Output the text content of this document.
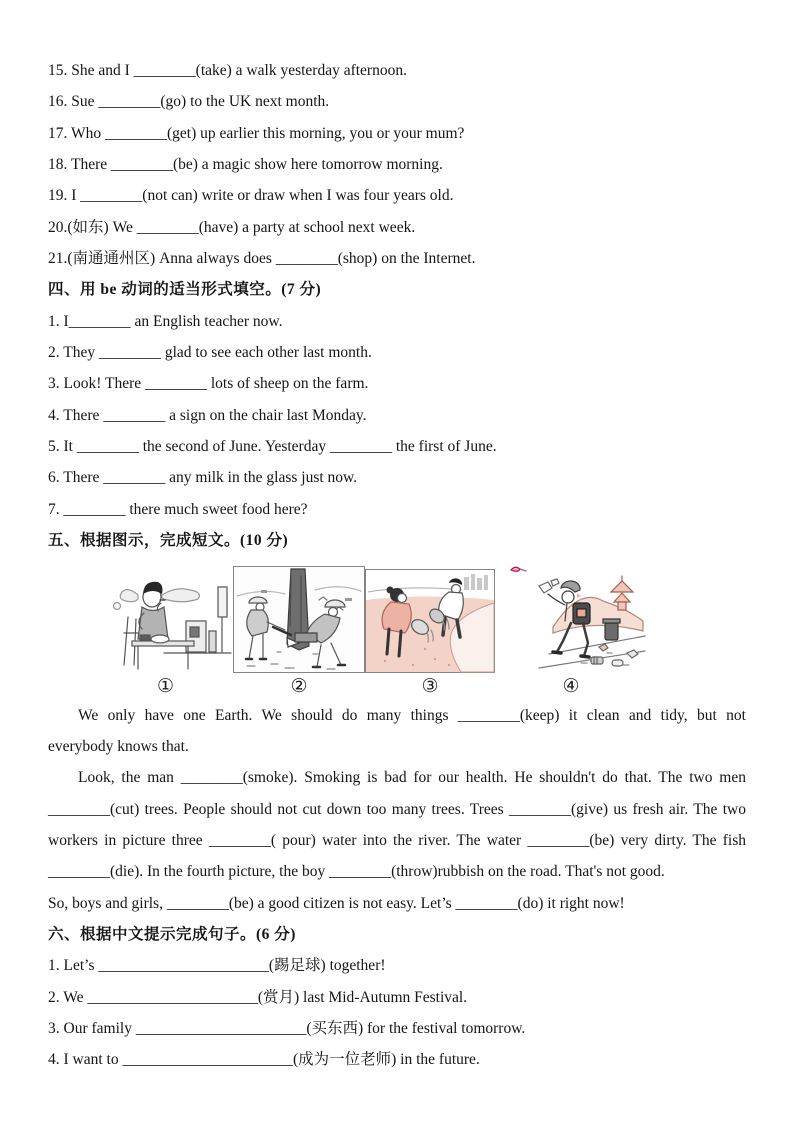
15. She and I ________(take) a walk yesterday afternoon.
16. Sue ________(go) to the UK next month.
17. Who ________(get) up earlier this morning, you or your mum?
18. There ________(be) a magic show here tomorrow morning.
19. I ________(not can) write or draw when I was four years old.
20.(如东) We ________(have) a party at school next week.
21.(南通通州区) Anna always does ________(shop) on the Internet.
四、用 be 动词的适当形式填空。(7 分)
1. I________ an English teacher now.
2. They ________ glad to see each other last month.
3. Look! There ________ lots of sheep on the farm.
4. There ________ a sign on the chair last Monday.
5. It ________ the second of June. Yesterday ________ the first of June.
6. There ________ any milk in the glass just now.
7. ________ there much sweet food here?
五、根据图示，完成短文。(10 分)
①	②	③	④
We only have one Earth. We should do many things ________(keep) it clean and tidy, but not
everybody knows that.
Look, the man ________(smoke). Smoking is bad for our health. He shouldn't do that. The two men
________(cut) trees. People should not cut down too many trees. Trees ________(give) us fresh air. The two
workers in picture three ________( pour) water into the river. The water ________(be) very dirty. The fish
________(die). In the fourth picture, the boy ________(throw)rubbish on the road. That's not good.
So, boys and girls, ________(be) a good citizen is not easy. Let’s ________(do) it right now!
六、根据中文提示完成句子。(6 分)
1. Let’s ______________________(踢足球) together!
2. We ______________________(赏月) last Mid-Autumn Festival.
3. Our family ______________________(买东西) for the festival tomorrow.
4. I want to ______________________(成为一位老师) in the future.
